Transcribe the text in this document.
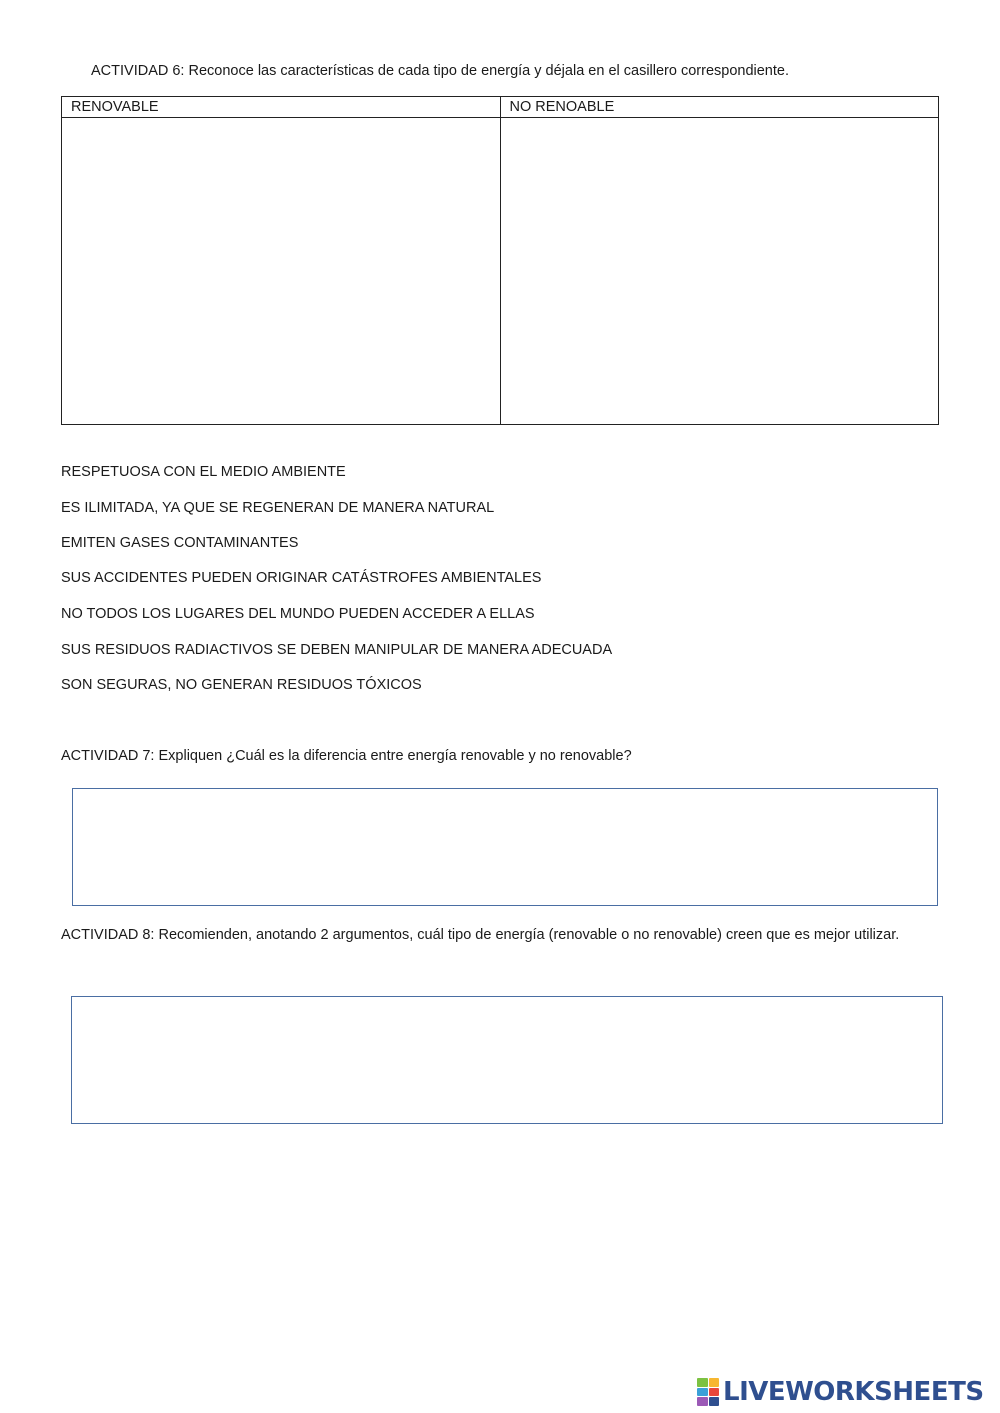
ACTIVIDAD 6: Reconoce las características de cada tipo de energía y déjala en el casillero correspondiente.
RENOVABLE	NO RENOABLE
RESPETUOSA CON EL MEDIO AMBIENTE
ES ILIMITADA, YA QUE SE REGENERAN DE MANERA NATURAL
EMITEN GASES CONTAMINANTES
SUS ACCIDENTES PUEDEN ORIGINAR CATÁSTROFES AMBIENTALES
NO TODOS LOS LUGARES DEL MUNDO PUEDEN ACCEDER A ELLAS
SUS RESIDUOS RADIACTIVOS SE DEBEN MANIPULAR DE MANERA ADECUADA
SON SEGURAS, NO GENERAN RESIDUOS TÓXICOS
ACTIVIDAD 7: Expliquen ¿Cuál es la diferencia entre energía renovable y no renovable?
ACTIVIDAD 8: Recomienden, anotando 2 argumentos, cuál tipo de energía (renovable o no renovable) creen que es mejor utilizar.
LIVEWORKSHEETS
